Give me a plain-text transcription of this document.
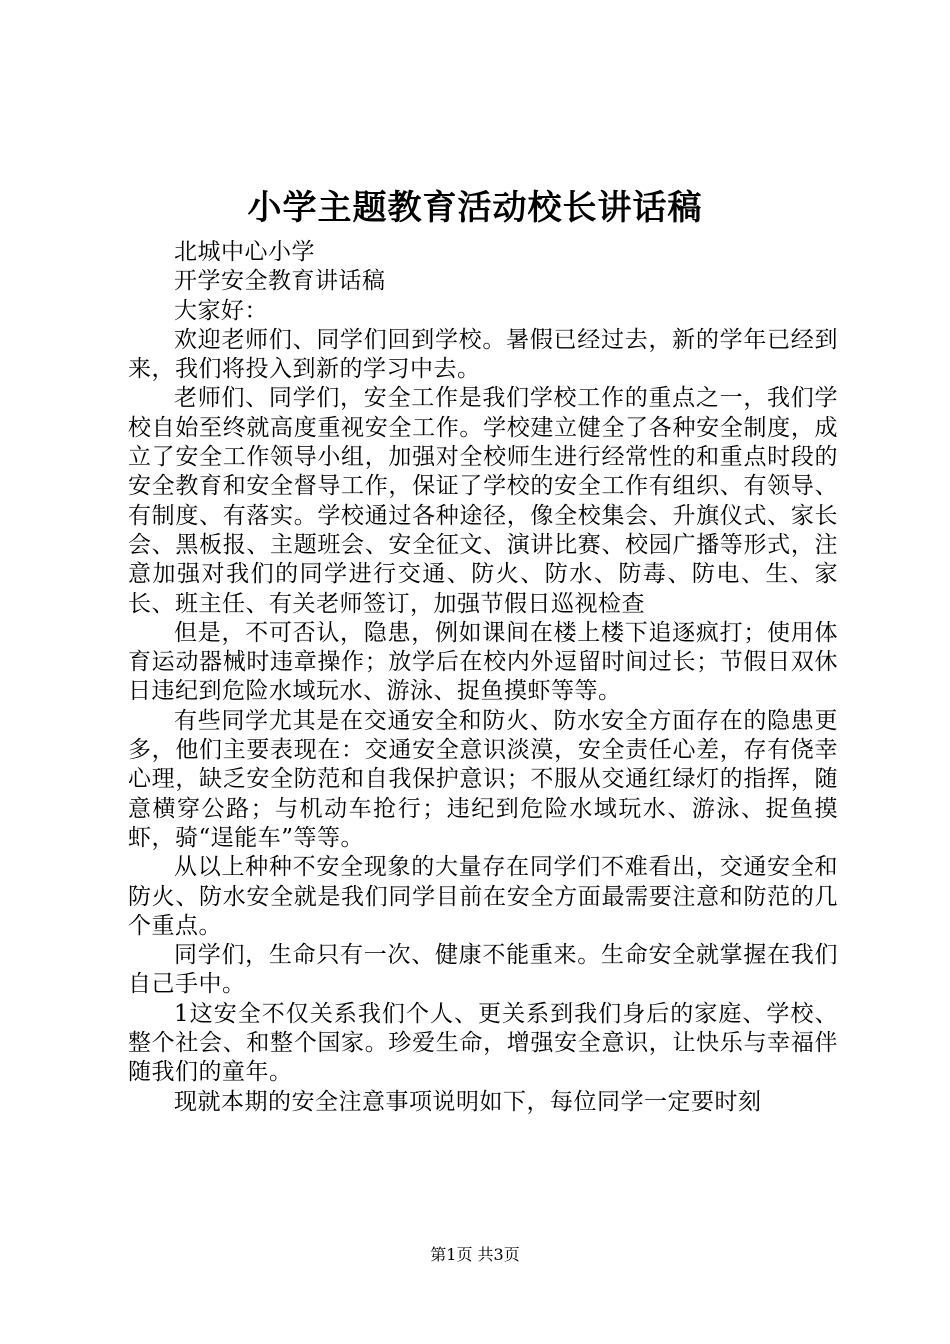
小学主题教育活动校长讲话稿

北城中心小学

开学安全教育讲话稿

大家好：

欢迎老师们、同学们回到学校。暑假已经过去，新的学年已经到来，我们将投入到新的学习中去。

老师们、同学们，安全工作是我们学校工作的重点之一，我们学校自始至终就高度重视安全工作。学校建立健全了各种安全制度，成立了安全工作领导小组，加强对全校师生进行经常性的和重点时段的安全教育和安全督导工作，保证了学校的安全工作有组织、有领导、有制度、有落实。学校通过各种途径，像全校集会、升旗仪式、家长会、黑板报、主题班会、安全征文、演讲比赛、校园广播等形式，注意加强对我们的同学进行交通、防火、防水、防毒、防电、生、家长、班主任、有关老师签订，加强节假日巡视检查

但是，不可否认，隐患，例如课间在楼上楼下追逐疯打；使用体育运动器械时违章操作；放学后在校内外逗留时间过长；节假日双休日违纪到危险水域玩水、游泳、捉鱼摸虾等等。

有些同学尤其是在交通安全和防火、防水安全方面存在的隐患更多，他们主要表现在：交通安全意识淡漠，安全责任心差，存有侥幸心理，缺乏安全防范和自我保护意识；不服从交通红绿灯的指挥，随意横穿公路；与机动车抢行；违纪到危险水域玩水、游泳、捉鱼摸虾，骑“逞能车”等等。

从以上种种不安全现象的大量存在同学们不难看出，交通安全和防火、防水安全就是我们同学目前在安全方面最需要注意和防范的几个重点。

同学们，生命只有一次、健康不能重来。生命安全就掌握在我们自己手中。

1这安全不仅关系我们个人、更关系到我们身后的家庭、学校、整个社会、和整个国家。珍爱生命，增强安全意识，让快乐与幸福伴随我们的童年。

现就本期的安全注意事项说明如下，每位同学一定要时刻

第1页 共3页
